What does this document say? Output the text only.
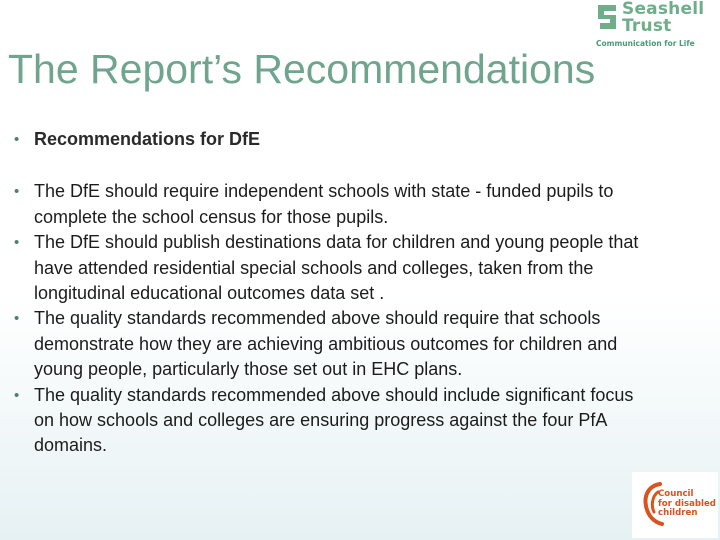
Seashell
Trust
Communication for Life
The Report’s Recommendations
• Recommendations for DfE
• The DfE should require independent schools with state - funded pupils to complete the school census for those pupils.
• The DfE should publish destinations data for children and young people that have attended residential special schools and colleges, taken from the longitudinal educational outcomes data set .
• The quality standards recommended above should require that schools demonstrate how they are achieving ambitious outcomes for children and young people, particularly those set out in EHC plans.
• The quality standards recommended above should include significant focus on how schools and colleges are ensuring progress against the four PfA domains.
Council
for disabled
children
